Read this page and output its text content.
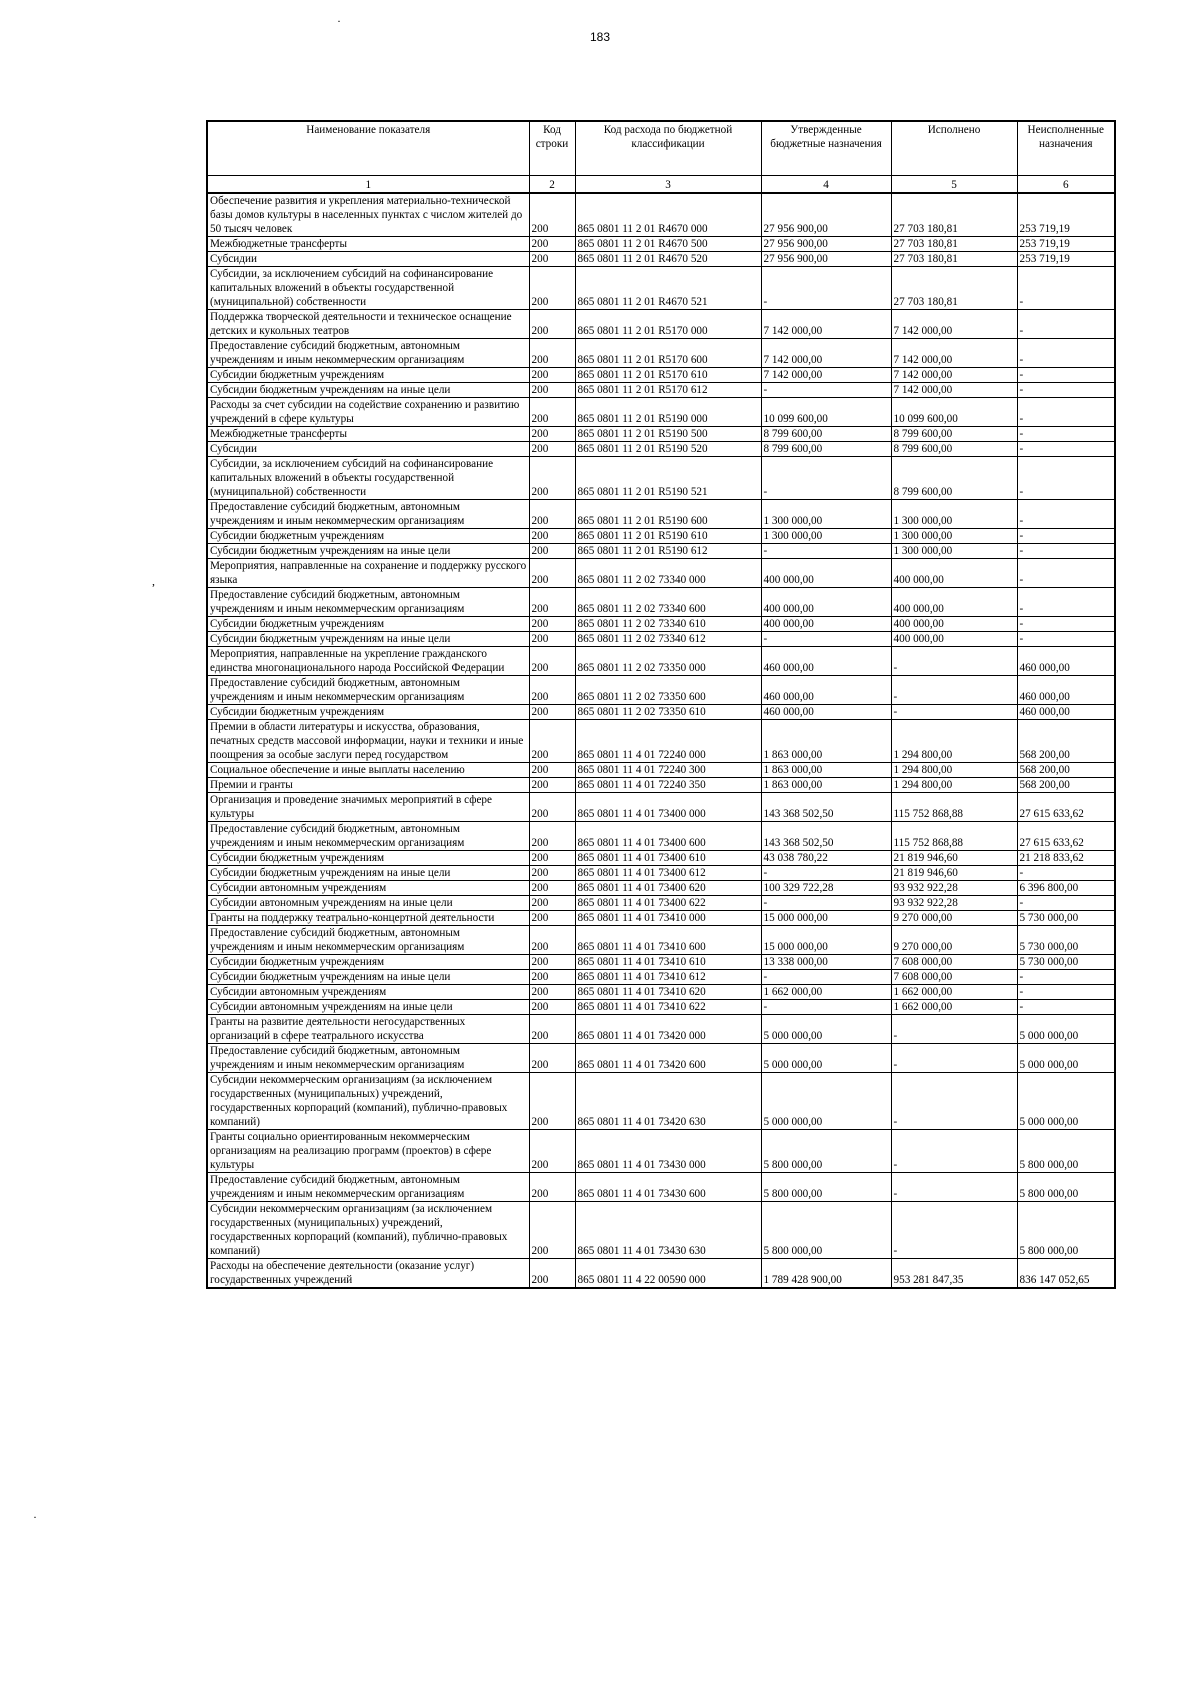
183
·
,
·
Наименование показателя	Код строки	Код расхода по бюджетной классификации	Утвержденные бюджетные назначения	Исполнено	Неисполненные назначения
1	2	3	4	5	6
Обеспечение развития и укрепления материально-технической базы домов культуры в населенных пунктах с числом жителей до 50 тысяч человек	200	865 0801 11 2 01 R4670 000	27 956 900,00	27 703 180,81	253 719,19
Межбюджетные трансферты	200	865 0801 11 2 01 R4670 500	27 956 900,00	27 703 180,81	253 719,19
Субсидии	200	865 0801 11 2 01 R4670 520	27 956 900,00	27 703 180,81	253 719,19
Субсидии, за исключением субсидий на софинансирование капитальных вложений в объекты государственной (муниципальной) собственности	200	865 0801 11 2 01 R4670 521	-	27 703 180,81	-
Поддержка творческой деятельности и техническое оснащение детских и кукольных театров	200	865 0801 11 2 01 R5170 000	7 142 000,00	7 142 000,00	-
Предоставление субсидий бюджетным, автономным учреждениям и иным некоммерческим организациям	200	865 0801 11 2 01 R5170 600	7 142 000,00	7 142 000,00	-
Субсидии бюджетным учреждениям	200	865 0801 11 2 01 R5170 610	7 142 000,00	7 142 000,00	-
Субсидии бюджетным учреждениям на иные цели	200	865 0801 11 2 01 R5170 612	-	7 142 000,00	-
Расходы за счет субсидии на содействие сохранению и развитию учреждений в сфере культуры	200	865 0801 11 2 01 R5190 000	10 099 600,00	10 099 600,00	-
Межбюджетные трансферты	200	865 0801 11 2 01 R5190 500	8 799 600,00	8 799 600,00	-
Субсидии	200	865 0801 11 2 01 R5190 520	8 799 600,00	8 799 600,00	-
Субсидии, за исключением субсидий на софинансирование капитальных вложений в объекты государственной (муниципальной) собственности	200	865 0801 11 2 01 R5190 521	-	8 799 600,00	-
Предоставление субсидий бюджетным, автономным учреждениям и иным некоммерческим организациям	200	865 0801 11 2 01 R5190 600	1 300 000,00	1 300 000,00	-
Субсидии бюджетным учреждениям	200	865 0801 11 2 01 R5190 610	1 300 000,00	1 300 000,00	-
Субсидии бюджетным учреждениям на иные цели	200	865 0801 11 2 01 R5190 612	-	1 300 000,00	-
Мероприятия, направленные на сохранение и поддержку русского языка	200	865 0801 11 2 02 73340 000	400 000,00	400 000,00	-
Предоставление субсидий бюджетным, автономным учреждениям и иным некоммерческим организациям	200	865 0801 11 2 02 73340 600	400 000,00	400 000,00	-
Субсидии бюджетным учреждениям	200	865 0801 11 2 02 73340 610	400 000,00	400 000,00	-
Субсидии бюджетным учреждениям на иные цели	200	865 0801 11 2 02 73340 612	-	400 000,00	-
Мероприятия, направленные на укрепление гражданского единства многонационального народа Российской Федерации	200	865 0801 11 2 02 73350 000	460 000,00	-	460 000,00
Предоставление субсидий бюджетным, автономным учреждениям и иным некоммерческим организациям	200	865 0801 11 2 02 73350 600	460 000,00	-	460 000,00
Субсидии бюджетным учреждениям	200	865 0801 11 2 02 73350 610	460 000,00	-	460 000,00
Премии в области литературы и искусства, образования, печатных средств массовой информации, науки и техники и иные поощрения за особые заслуги перед государством	200	865 0801 11 4 01 72240 000	1 863 000,00	1 294 800,00	568 200,00
Социальное обеспечение и иные выплаты населению	200	865 0801 11 4 01 72240 300	1 863 000,00	1 294 800,00	568 200,00
Премии и гранты	200	865 0801 11 4 01 72240 350	1 863 000,00	1 294 800,00	568 200,00
Организация и проведение значимых мероприятий в сфере культуры	200	865 0801 11 4 01 73400 000	143 368 502,50	115 752 868,88	27 615 633,62
Предоставление субсидий бюджетным, автономным учреждениям и иным некоммерческим организациям	200	865 0801 11 4 01 73400 600	143 368 502,50	115 752 868,88	27 615 633,62
Субсидии бюджетным учреждениям	200	865 0801 11 4 01 73400 610	43 038 780,22	21 819 946,60	21 218 833,62
Субсидии бюджетным учреждениям на иные цели	200	865 0801 11 4 01 73400 612	-	21 819 946,60	-
Субсидии автономным учреждениям	200	865 0801 11 4 01 73400 620	100 329 722,28	93 932 922,28	6 396 800,00
Субсидии автономным учреждениям на иные цели	200	865 0801 11 4 01 73400 622	-	93 932 922,28	-
Гранты на поддержку театрально-концертной деятельности	200	865 0801 11 4 01 73410 000	15 000 000,00	9 270 000,00	5 730 000,00
Предоставление субсидий бюджетным, автономным учреждениям и иным некоммерческим организациям	200	865 0801 11 4 01 73410 600	15 000 000,00	9 270 000,00	5 730 000,00
Субсидии бюджетным учреждениям	200	865 0801 11 4 01 73410 610	13 338 000,00	7 608 000,00	5 730 000,00
Субсидии бюджетным учреждениям на иные цели	200	865 0801 11 4 01 73410 612	-	7 608 000,00	-
Субсидии автономным учреждениям	200	865 0801 11 4 01 73410 620	1 662 000,00	1 662 000,00	-
Субсидии автономным учреждениям на иные цели	200	865 0801 11 4 01 73410 622	-	1 662 000,00	-
Гранты на развитие деятельности негосударственных организаций в сфере театрального искусства	200	865 0801 11 4 01 73420 000	5 000 000,00	-	5 000 000,00
Предоставление субсидий бюджетным, автономным учреждениям и иным некоммерческим организациям	200	865 0801 11 4 01 73420 600	5 000 000,00	-	5 000 000,00
Субсидии некоммерческим организациям (за исключением государственных (муниципальных) учреждений, государственных корпораций (компаний), публично-правовых компаний)	200	865 0801 11 4 01 73420 630	5 000 000,00	-	5 000 000,00
Гранты социально ориентированным некоммерческим организациям на реализацию программ (проектов) в сфере культуры	200	865 0801 11 4 01 73430 000	5 800 000,00	-	5 800 000,00
Предоставление субсидий бюджетным, автономным учреждениям и иным некоммерческим организациям	200	865 0801 11 4 01 73430 600	5 800 000,00	-	5 800 000,00
Субсидии некоммерческим организациям (за исключением государственных (муниципальных) учреждений, государственных корпораций (компаний), публично-правовых компаний)	200	865 0801 11 4 01 73430 630	5 800 000,00	-	5 800 000,00
Расходы на обеспечение деятельности (оказание услуг) государственных учреждений	200	865 0801 11 4 22 00590 000	1 789 428 900,00	953 281 847,35	836 147 052,65
